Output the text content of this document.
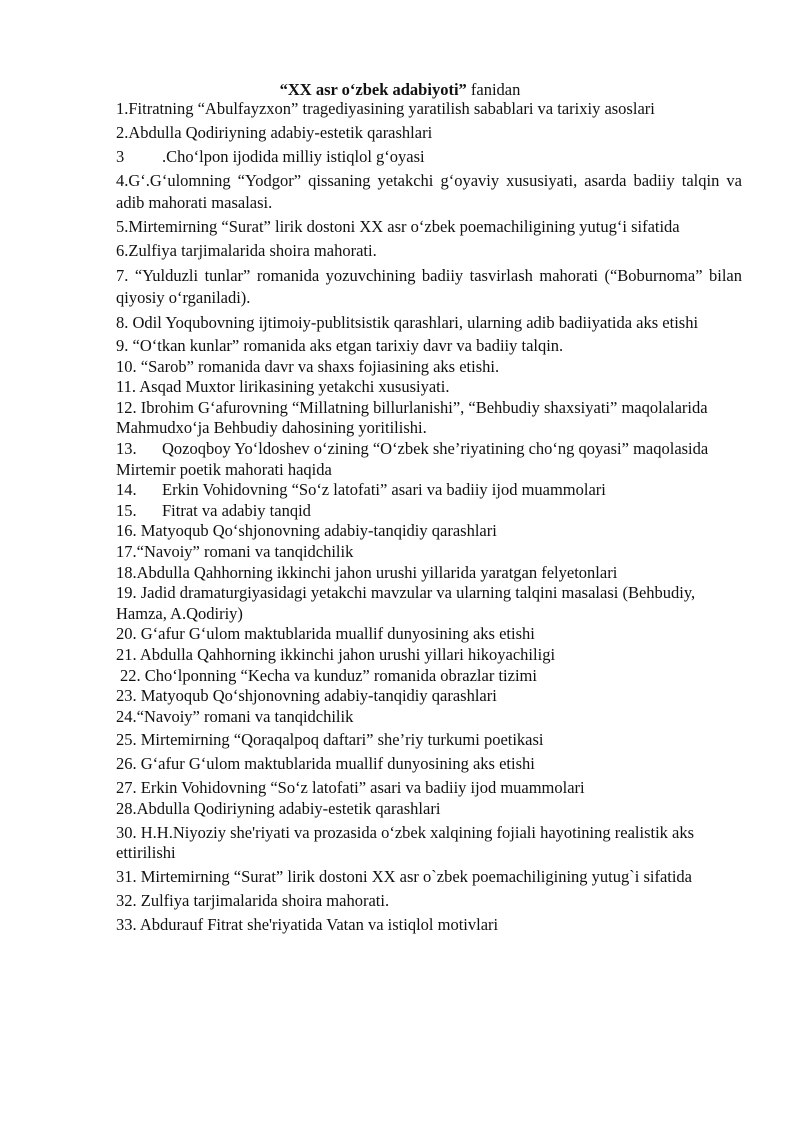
“XX asr o‘zbek adabiyoti” fanidan

1.Fitratning “Abulfayzxon” tragediyasining yaratilish sabablari va tarixiy asoslari

2.Abdulla Qodiriyning adabiy-estetik qarashlari

3 .Cho‘lpon ijodida milliy istiqlol g‘oyasi

4.G‘.G‘ulomning “Yodgor” qissaning yetakchi g‘oyaviy xususiyati, asarda badiiy talqin va adib mahorati masalasi.

5.Mirtemirning “Surat” lirik dostoni XX asr o‘zbek poemachiligining yutug‘i sifatida

6.Zulfiya tarjimalarida shoira mahorati.

7. “Yulduzli tunlar” romanida yozuvchining badiiy tasvirlash mahorati (“Boburnoma” bilan qiyosiy o‘rganiladi).

8. Odil Yoqubovning ijtimoiy-publitsistik qarashlari, ularning adib badiiyatida aks etishi

9. “O‘tkan kunlar” romanida aks etgan tarixiy davr va badiiy talqin.

10. “Sarob” romanida davr va shaxs fojiasining aks etishi.

11. Asqad Muxtor lirikasining yetakchi xususiyati.

12. Ibrohim G‘afurovning “Millatning billurlanishi”, “Behbudiy shaxsiyati” maqolalarida Mahmudxo‘ja Behbudiy dahosining yoritilishi.

13. Qozoqboy Yo‘ldoshev o‘zining “O‘zbek she’riyatining cho‘ng qoyasi” maqolasida Mirtemir poetik mahorati haqida

14. Erkin Vohidovning “So‘z latofati” asari va badiiy ijod muammolari

15. Fitrat va adabiy tanqid

16. Matyoqub Qo‘shjonovning adabiy-tanqidiy qarashlari

17.“Navoiy” romani va tanqidchilik

18.Abdulla Qahhorning ikkinchi jahon urushi yillarida yaratgan felyetonlari

19. Jadid dramaturgiyasidagi yetakchi mavzular va ularning talqini masalasi (Behbudiy, Hamza, A.Qodiriy)

20. G‘afur G‘ulom maktublarida muallif dunyosining aks etishi

21. Abdulla Qahhorning ikkinchi jahon urushi yillari hikoyachiligi

22. Cho‘lponning “Kecha va kunduz” romanida obrazlar tizimi

23. Matyoqub Qo‘shjonovning adabiy-tanqidiy qarashlari

24.“Navoiy” romani va tanqidchilik

25. Mirtemirning “Qoraqalpoq daftari” she’riy turkumi poetikasi

26. G‘afur G‘ulom maktublarida muallif dunyosining aks etishi

27. Erkin Vohidovning “So‘z latofati” asari va badiiy ijod muammolari

28.Abdulla Qodiriyning adabiy-estetik qarashlari

30. H.H.Niyoziy she'riyati va prozasida o‘zbek xalqining fojiali hayotining realistik aks ettirilishi

31. Mirtemirning “Surat” lirik dostoni XX asr o`zbek poemachiligining yutug`i sifatida

32. Zulfiya tarjimalarida shoira mahorati.

33. Abdurauf Fitrat she'riyatida Vatan va istiqlol motivlari
